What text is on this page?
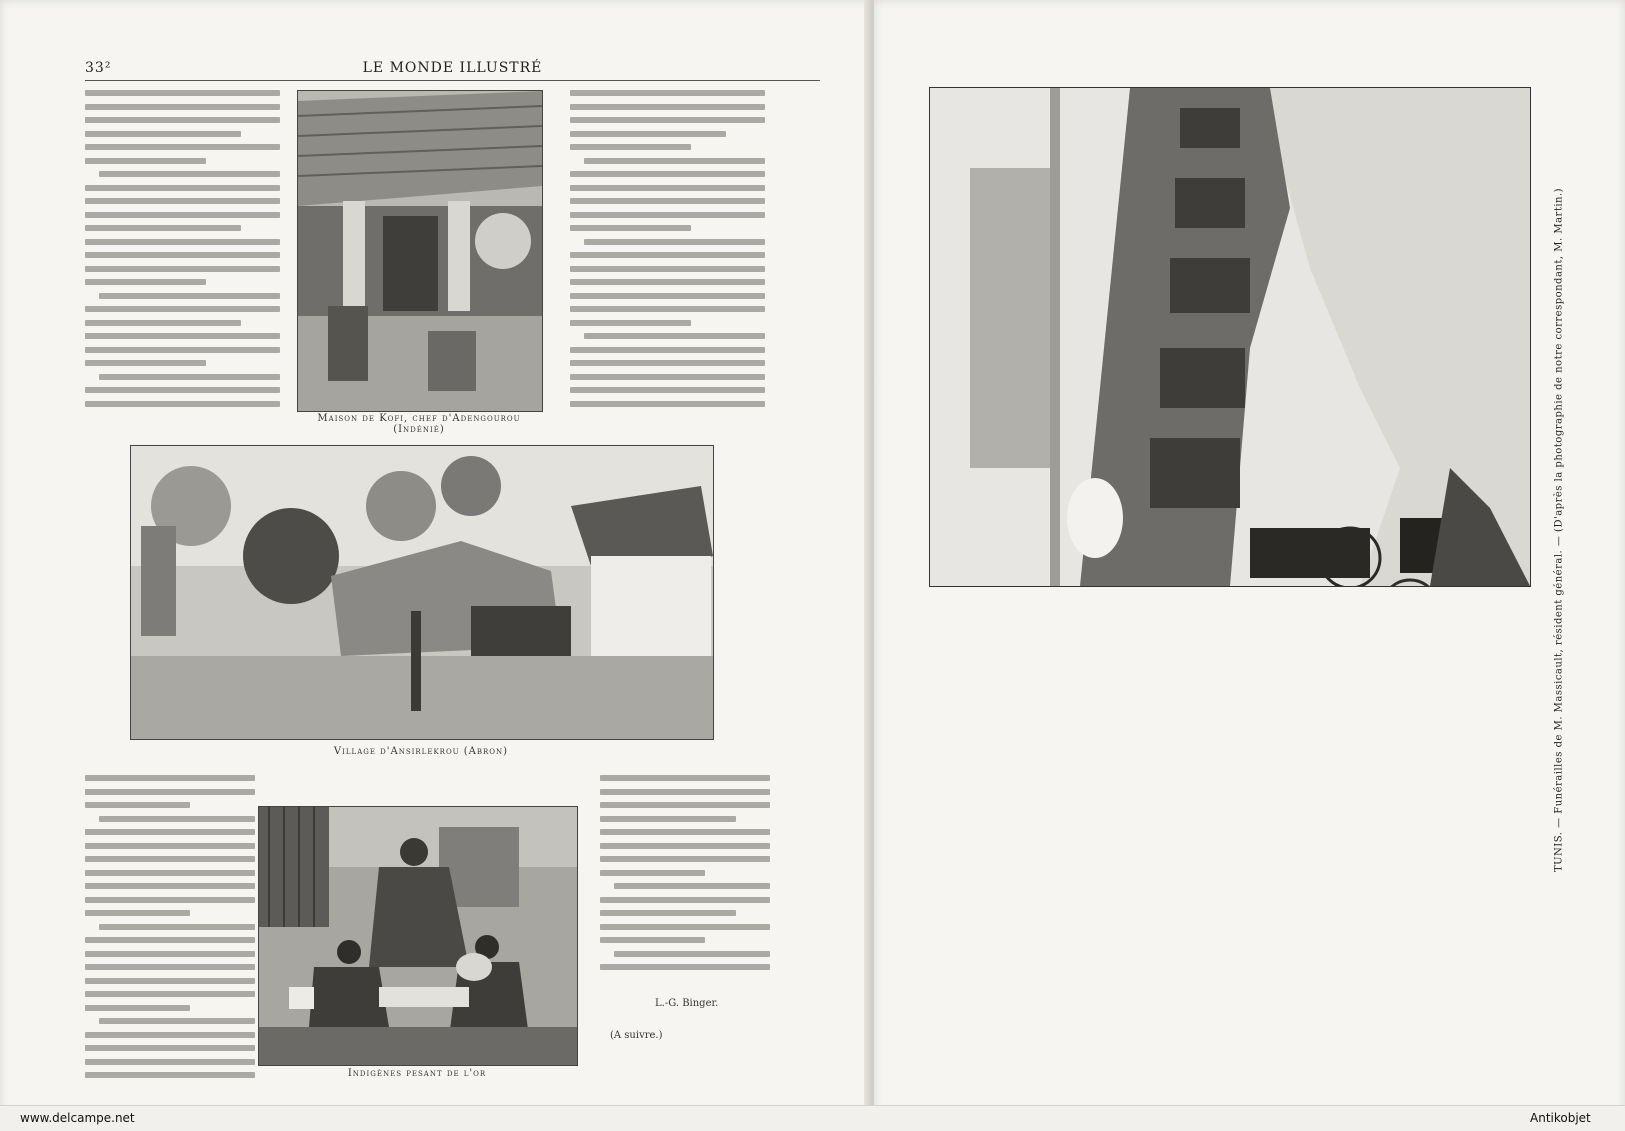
33²	LE MONDE ILLUSTRÉ
Maison de Kofi, chef d'Adengourou (Indénié)
Village d'Ansirlekrou (Abron)
Indigènes pesant de l'or
L.-G. Binger.
(A suivre.)
TUNIS. — Funérailles de M. Massicault, résident général. — (D'après la photographie de notre correspondant, M. Martin.)
www.delcampe.net	Antikobjet
